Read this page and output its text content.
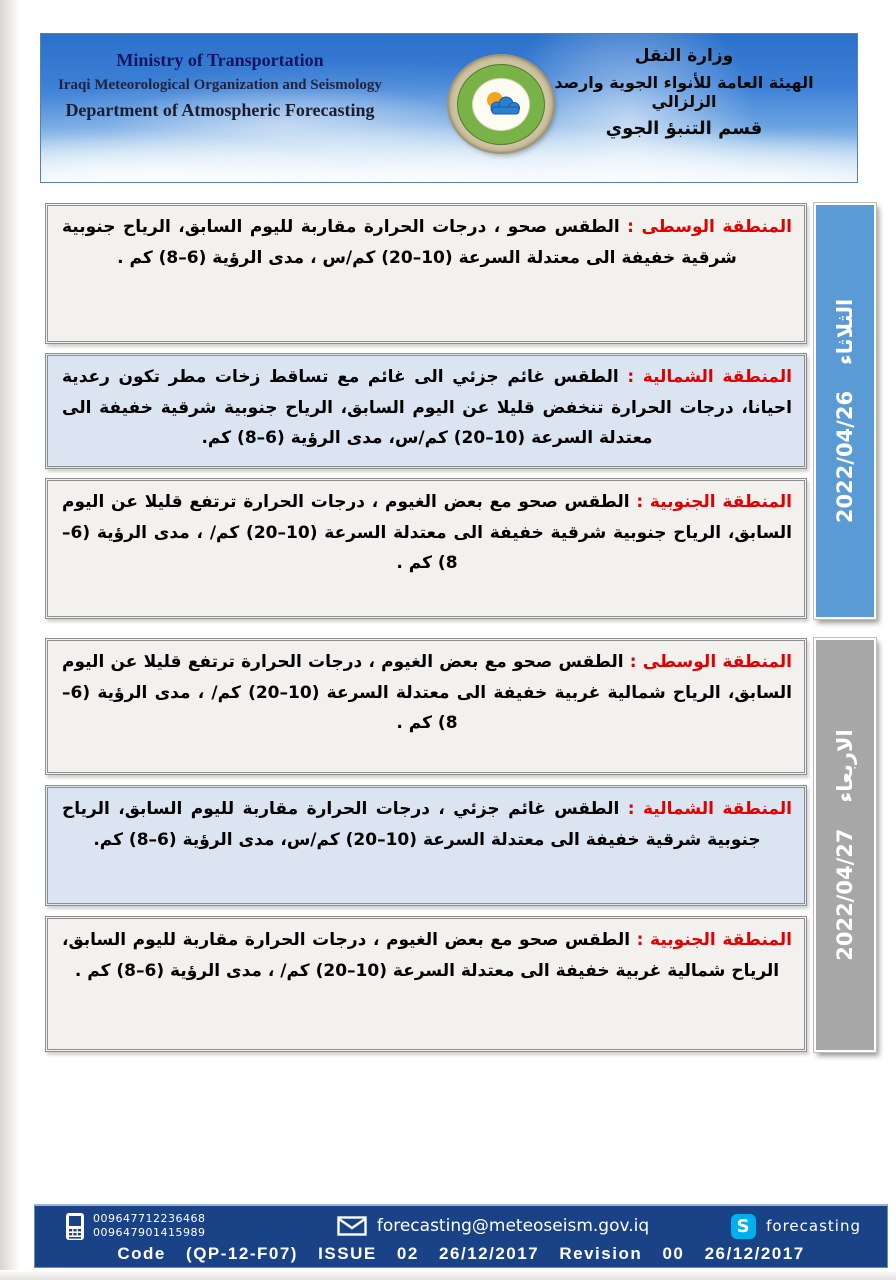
Ministry of Transportation

Iraqi Meteorological Organization and Seismology

Department of Atmospheric Forecasting

وزارة النقل

الهيئة العامة للأنواء الجوية وارصد الزلزالي

قسم التنبؤ الجوي

المنطقة الوسطى : الطقس صحو ، درجات الحرارة مقاربة لليوم السابق، الرياح جنوبية شرقية خفيفة الى معتدلة السرعة (10–20) كم/س ، مدى الرؤية (6–8) كم .

المنطقة الشمالية : الطقس غائم جزئي الى غائم مع تساقط زخات مطر تكون رعدية احيانا، درجات الحرارة تنخفض قليلا عن اليوم السابق، الرياح جنوبية شرقية خفيفة الى معتدلة السرعة (10–20) كم/س، مدى الرؤية (6–8) كم.

المنطقة الجنوبية : الطقس صحو مع بعض الغيوم ، درجات الحرارة ترتفع قليلا عن اليوم السابق، الرياح جنوبية شرقية خفيفة الى معتدلة السرعة (10–20) كم/ ، مدى الرؤية (6–8) كم .

الثلاثاء2022/04/26

المنطقة الوسطى : الطقس صحو مع بعض الغيوم ، درجات الحرارة ترتفع قليلا عن اليوم السابق، الرياح شمالية غربية خفيفة الى معتدلة السرعة (10–20) كم/ ، مدى الرؤية (6–8) كم .

المنطقة الشمالية : الطقس غائم جزئي ، درجات الحرارة مقاربة لليوم السابق، الرياح جنوبية شرقية خفيفة الى معتدلة السرعة (10–20) كم/س، مدى الرؤية (6–8) كم.

المنطقة الجنوبية : الطقس صحو مع بعض الغيوم ، درجات الحرارة مقاربة لليوم السابق، الرياح شمالية غربية خفيفة الى معتدلة السرعة (10–20) كم/ ، مدى الرؤية (6–8) كم .

الاربعاء2022/04/27
009647712236468
009647901415989	forecasting@meteoseism.gov.iq	S forecasting
Code (QP-12-F07) ISSUE 02 26/12/2017 Revision 00 26/12/2017
